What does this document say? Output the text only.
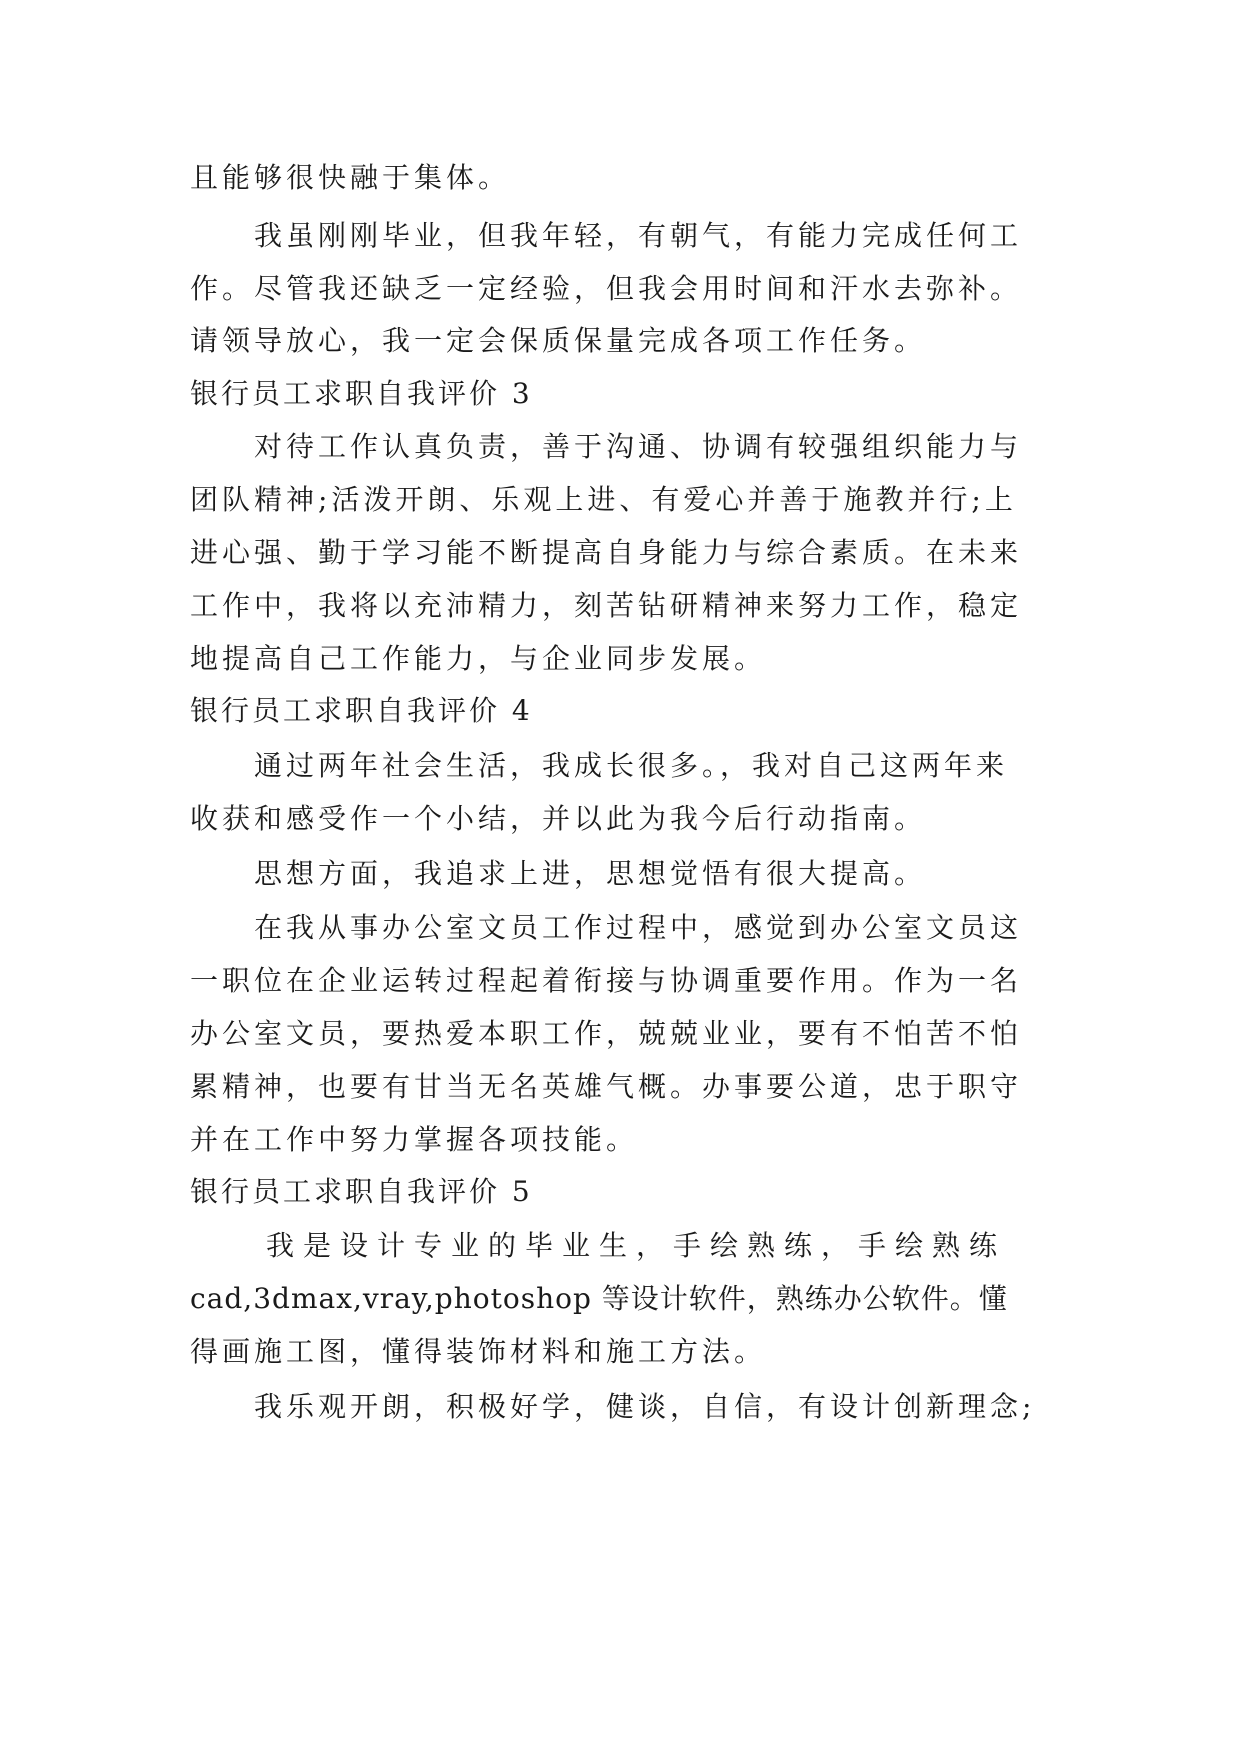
且能够很快融于集体。
我虽刚刚毕业，但我年轻，有朝气，有能力完成任何工
作。尽管我还缺乏一定经验，但我会用时间和汗水去弥补。
请领导放心，我一定会保质保量完成各项工作任务。
银行员工求职自我评价 3
对待工作认真负责，善于沟通、协调有较强组织能力与
团队精神;活泼开朗、乐观上进、有爱心并善于施教并行;上
进心强、勤于学习能不断提高自身能力与综合素质。在未来
工作中，我将以充沛精力，刻苦钻研精神来努力工作，稳定
地提高自己工作能力，与企业同步发展。
银行员工求职自我评价 4
通过两年社会生活，我成长很多。，我对自己这两年来
收获和感受作一个小结，并以此为我今后行动指南。
思想方面，我追求上进，思想觉悟有很大提高。
在我从事办公室文员工作过程中，感觉到办公室文员这
一职位在企业运转过程起着衔接与协调重要作用。作为一名
办公室文员，要热爱本职工作，兢兢业业，要有不怕苦不怕
累精神，也要有甘当无名英雄气概。办事要公道，忠于职守
并在工作中努力掌握各项技能。
银行员工求职自我评价 5
我是设计专业的毕业生，手绘熟练，手绘熟练
cad,3dmax,vray,photoshop 等设计软件，熟练办公软件。懂
得画施工图，懂得装饰材料和施工方法。
我乐观开朗，积极好学，健谈，自信，有设计创新理念;
